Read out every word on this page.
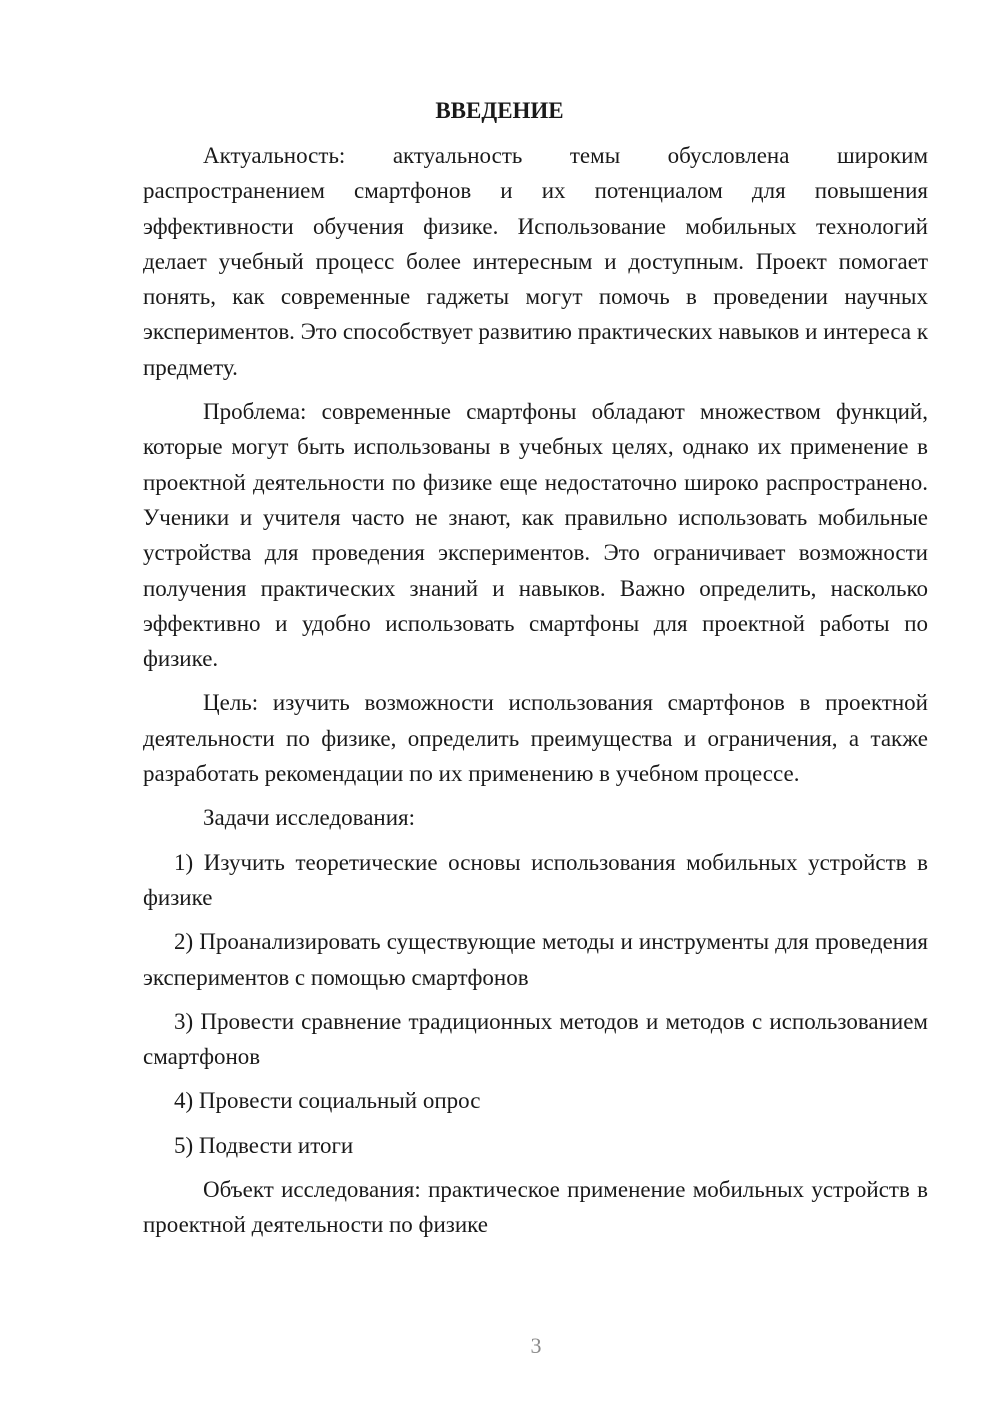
ВВЕДЕНИЕ

Актуальность: актуальность темы обусловлена широким распространением смартфонов и их потенциалом для повышения эффективности обучения физике. Использование мобильных технологий делает учебный процесс более интересным и доступным. Проект помогает понять, как современные гаджеты могут помочь в проведении научных экспериментов. Это способствует развитию практических навыков и интереса к предмету.

Проблема: современные смартфоны обладают множеством функций, которые могут быть использованы в учебных целях, однако их применение в проектной деятельности по физике еще недостаточно широко распространено. Ученики и учителя часто не знают, как правильно использовать мобильные устройства для проведения экспериментов. Это ограничивает возможности получения практических знаний и навыков. Важно определить, насколько эффективно и удобно использовать смартфоны для проектной работы по физике.

Цель: изучить возможности использования смартфонов в проектной деятельности по физике, определить преимущества и ограничения, а также разработать рекомендации по их применению в учебном процессе.

Задачи исследования:

1) Изучить теоретические основы использования мобильных устройств в физике

2) Проанализировать существующие методы и инструменты для проведения экспериментов с помощью смартфонов

3) Провести сравнение традиционных методов и методов с использованием смартфонов

4) Провести социальный опрос

5) Подвести итоги

Объект исследования: практическое применение мобильных устройств в проектной деятельности по физике

3
